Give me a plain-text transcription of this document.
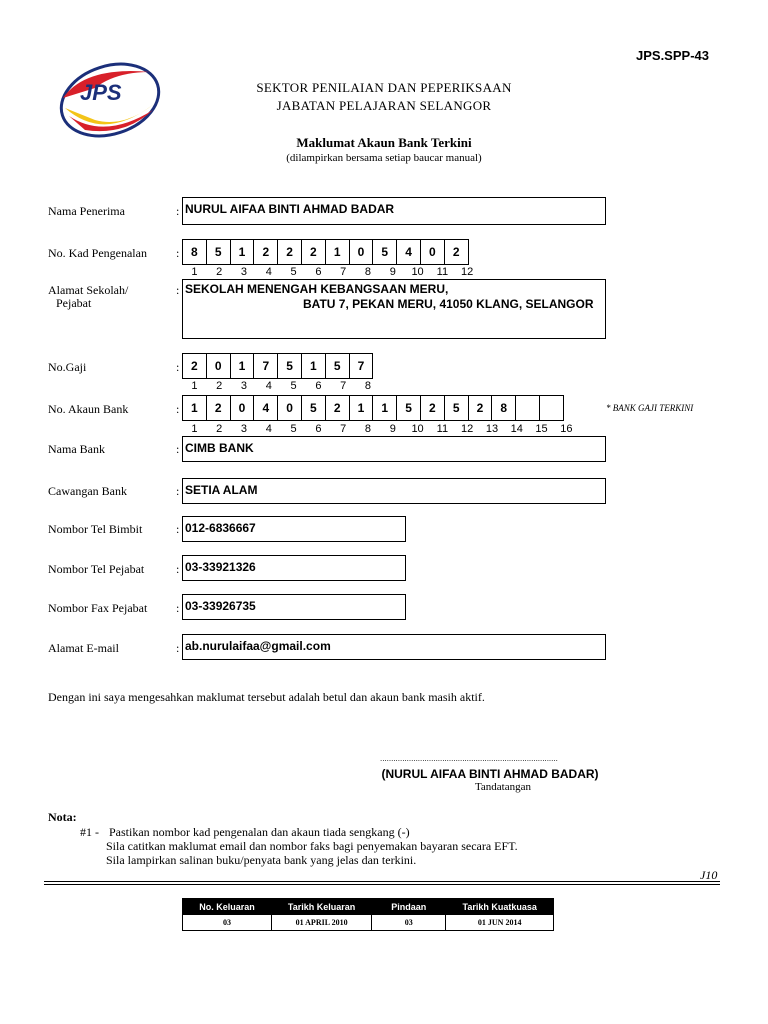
JPS.SPP-43
JPS	SEKTOR PENILAIAN DAN PEPERIKSAAN
JABATAN PELAJARAN SELANGOR
Maklumat Akaun Bank Terkini
(dilampirkan bersama setiap baucar manual)
Nama Penerima	: NURUL AIFAA BINTI AHMAD BADAR
No. Kad Pengenalan : 8	5	1	2	2	2	1	0	5	4	0	2
1	2	3	4	5	6	7	8	9	10	11	12
Alamat Sekolah/
Pejabat
: SEKOLAH MENENGAH KEBANGSAAN MERU,
BATU 7, PEKAN MERU, 41050 KLANG, SELANGOR
No.Gaji	: 2	0	1	7	5	1	5	7
1	2	3	4	5	6	7	8
No. Akaun Bank	: 1	2	0	4	0	5	2	1	1	5	2	5	2	8
1	2	3	4	5	6	7	8	9	10	11	12	13	14	15	16
* BANK GAJI TERKINI
Nama Bank	: CIMB BANK
Cawangan Bank	: SETIA ALAM
Nombor Tel Bimbit	: 012-6836667
Nombor Tel Pejabat	: 03-33921326
Nombor Fax Pejabat : 03-33926735
Alamat E-mail	: ab.nurulaifaa@gmail.com
Dengan ini saya mengesahkan maklumat tersebut adalah betul dan akaun bank masih aktif.
................................................................................
(NURUL AIFAA BINTI AHMAD BADAR)
Tandatangan
Nota:
#1 - Pastikan nombor kad pengenalan dan akaun tiada sengkang (-)
Sila catitkan maklumat email dan nombor faks bagi penyemakan bayaran secara EFT.
Sila lampirkan salinan buku/penyata bank yang jelas dan terkini.
J10
No. Keluaran	Tarikh Keluaran	Pindaan	Tarikh Kuatkuasa
03	01 APRIL 2010	03	01 JUN 2014
